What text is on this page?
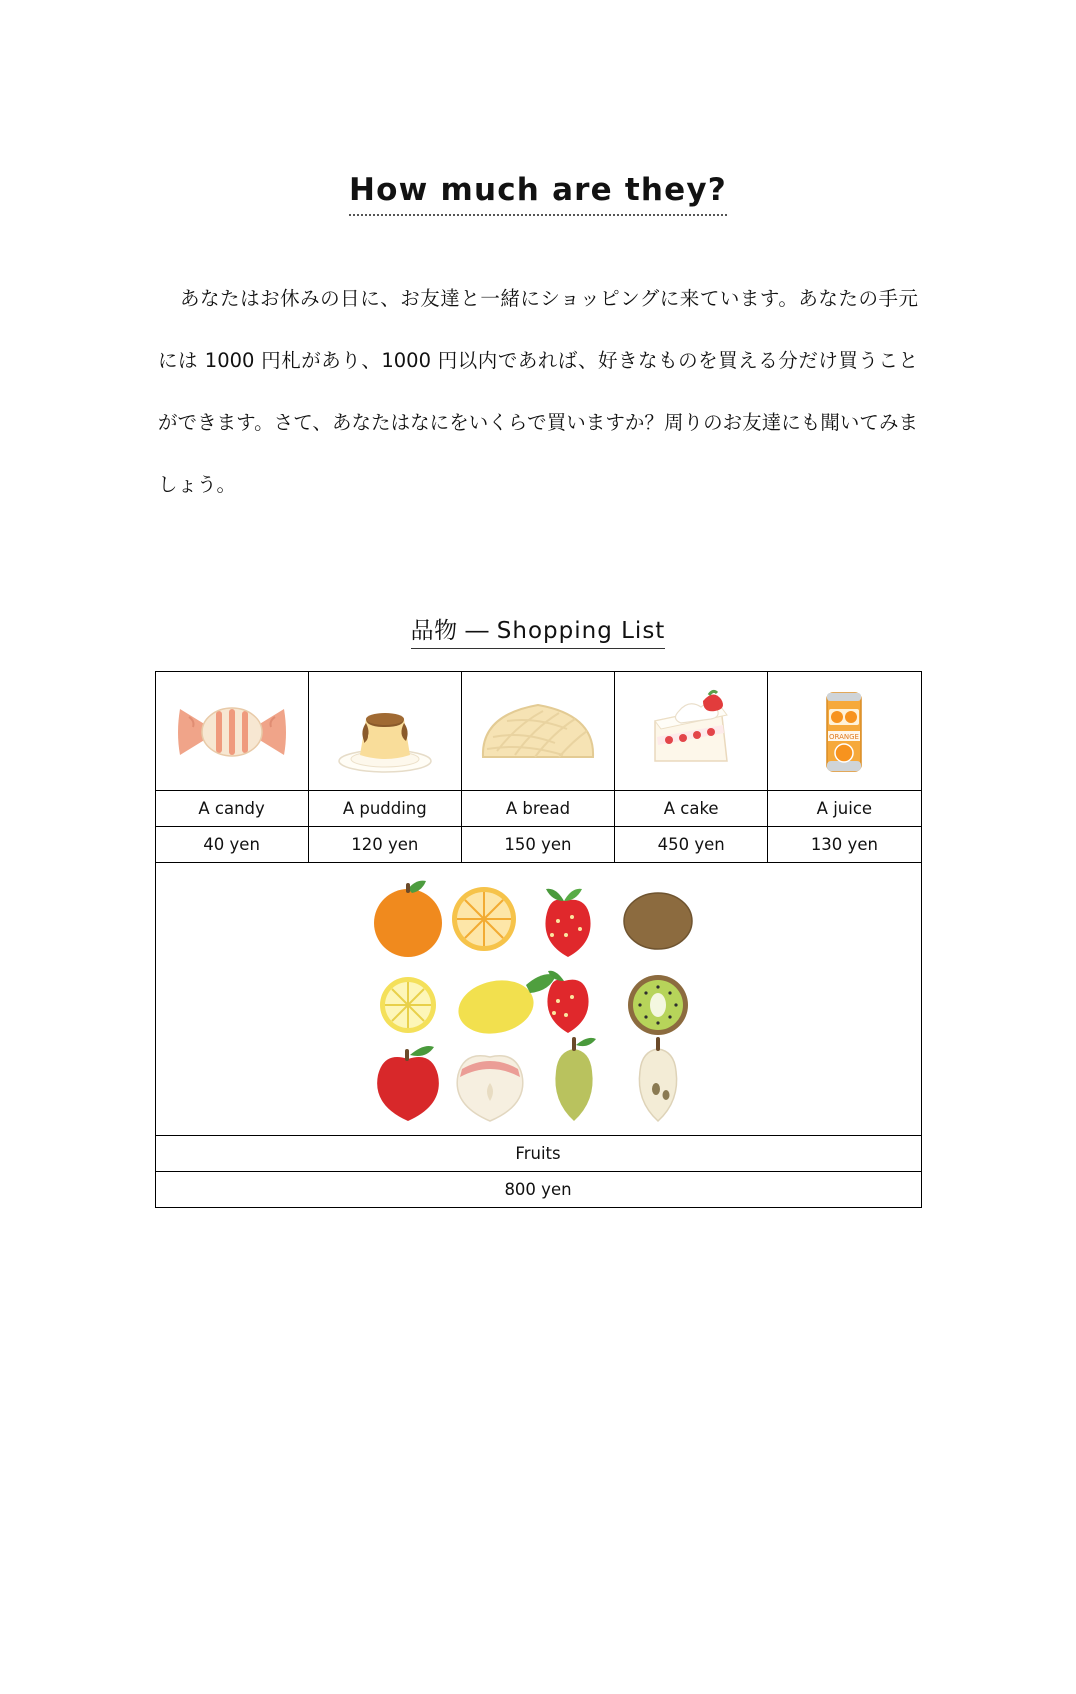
How much are they?

あなたはお休みの日に、お友達と一緒にショッピングに来ています。あなたの手元には 1000 円札があり、1000 円以内であれば、好きなものを買える分だけ買うことができます。さて、あなたはなにをいくらで買いますか？周りのお友達にも聞いてみましょう。

品物 ― Shopping List

ORANGE

A candy	A pudding	A bread	A cake	A juice
40 yen	120 yen	150 yen	450 yen	130 yen

Fruits				
800 yen				
